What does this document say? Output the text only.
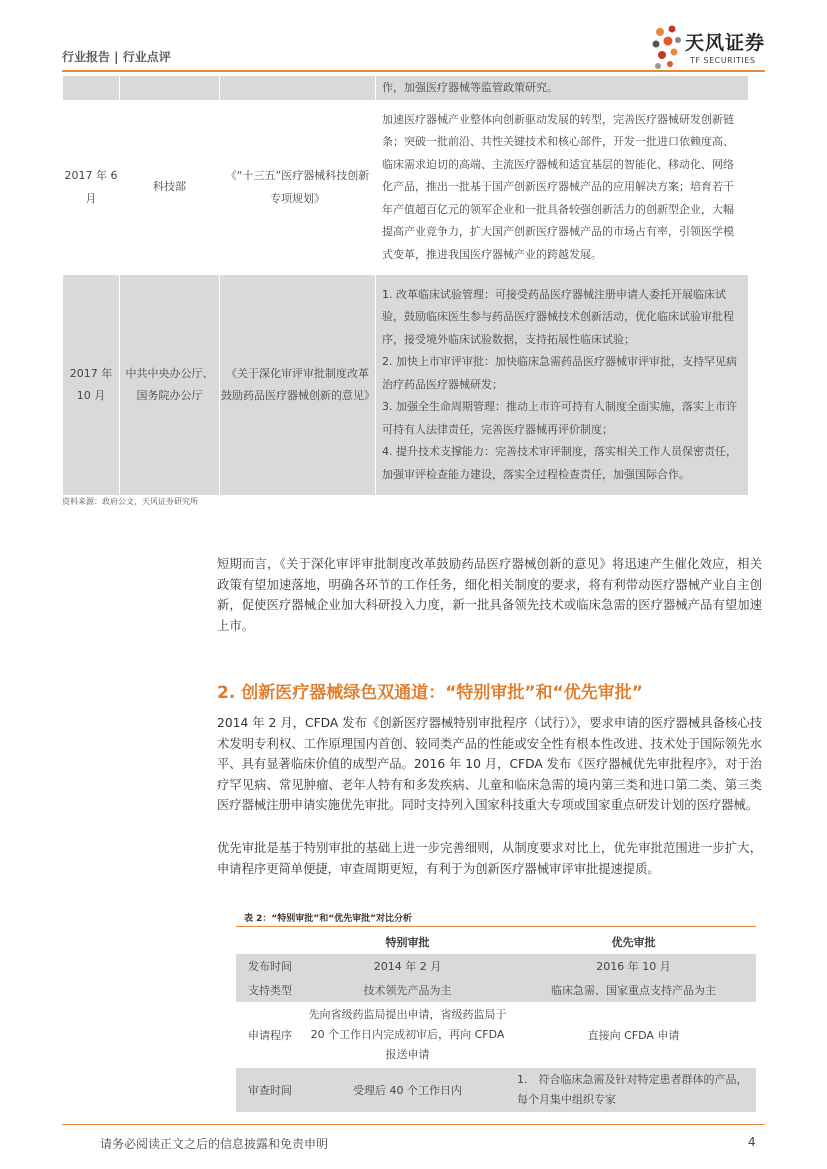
行业报告 | 行业点评
天风证券
TF SECURITIES

			作，加强医疗器械等监管政策研究。

2017 年 6 月	科技部	《“十三五”医疗器械科技创新专项规划》	加速医疗器械产业整体向创新驱动发展的转型，完善医疗器械研发创新链条；突破一批前沿、共性关键技术和核心部件，开发一批进口依赖度高、临床需求迫切的高端、主流医疗器械和适宜基层的智能化、移动化、网络化产品，推出一批基于国产创新医疗器械产品的应用解决方案；培育若干年产值超百亿元的领军企业和一批具备较强创新活力的创新型企业，大幅提高产业竞争力，扩大国产创新医疗器械产品的市场占有率，引领医学模式变革，推进我国医疗器械产业的跨越发展。

2017 年 10 月	中共中央办公厅、国务院办公厅	《关于深化审评审批制度改革鼓励药品医疗器械创新的意见》	1. 改革临床试验管理：可接受药品医疗器械注册申请人委托开展临床试验，鼓励临床医生参与药品医疗器械技术创新活动，优化临床试验审批程序，接受境外临床试验数据，支持拓展性临床试验；

2. 加快上市审评审批：加快临床急需药品医疗器械审评审批，支持罕见病治疗药品医疗器械研发；

3. 加强全生命周期管理：推动上市许可持有人制度全面实施，落实上市许可持有人法律责任，完善医疗器械再评价制度；

4. 提升技术支撑能力：完善技术审评制度，落实相关工作人员保密责任，加强审评检查能力建设，落实全过程检查责任，加强国际合作。

资料来源：政府公文，天风证券研究所

短期而言，《关于深化审评审批制度改革鼓励药品医疗器械创新的意见》将迅速产生催化效应，相关政策有望加速落地，明确各环节的工作任务，细化相关制度的要求，将有利带动医疗器械产业自主创新，促使医疗器械企业加大科研投入力度，新一批具备领先技术或临床急需的医疗器械产品有望加速上市。

2. 创新医疗器械绿色双通道：“特别审批”和“优先审批”

2014 年 2 月，CFDA 发布《创新医疗器械特别审批程序（试行）》，要求申请的医疗器械具备核心技术发明专利权、工作原理国内首创、较同类产品的性能或安全性有根本性改进、技术处于国际领先水平、具有显著临床价值的成型产品。2016 年 10 月，CFDA 发布《医疗器械优先审批程序》，对于治疗罕见病、常见肿瘤、老年人特有和多发疾病、儿童和临床急需的境内第三类和进口第二类、第三类医疗器械注册申请实施优先审批。同时支持列入国家科技重大专项或国家重点研发计划的医疗器械。

优先审批是基于特别审批的基础上进一步完善细则，从制度要求对比上，优先审批范围进一步扩大，申请程序更简单便捷，审查周期更短，有利于为创新医疗器械审评审批提速提质。

表 2：“特别审批”和“优先审批”对比分析
	特别审批	优先审批
发布时间	2014 年 2 月	2016 年 10 月
支持类型	技术领先产品为主	临床急需、国家重点支持产品为主
申请程序	先向省级药监局提出申请，省级药监局于 20 个工作日内完成初审后，再向 CFDA 报送申请	直接向 CFDA 申请
审查时间	受理后 40 个工作日内	1.　符合临床急需及针对特定患者群体的产品，每个月集中组织专家
请务必阅读正文之后的信息披露和免责申明	4
